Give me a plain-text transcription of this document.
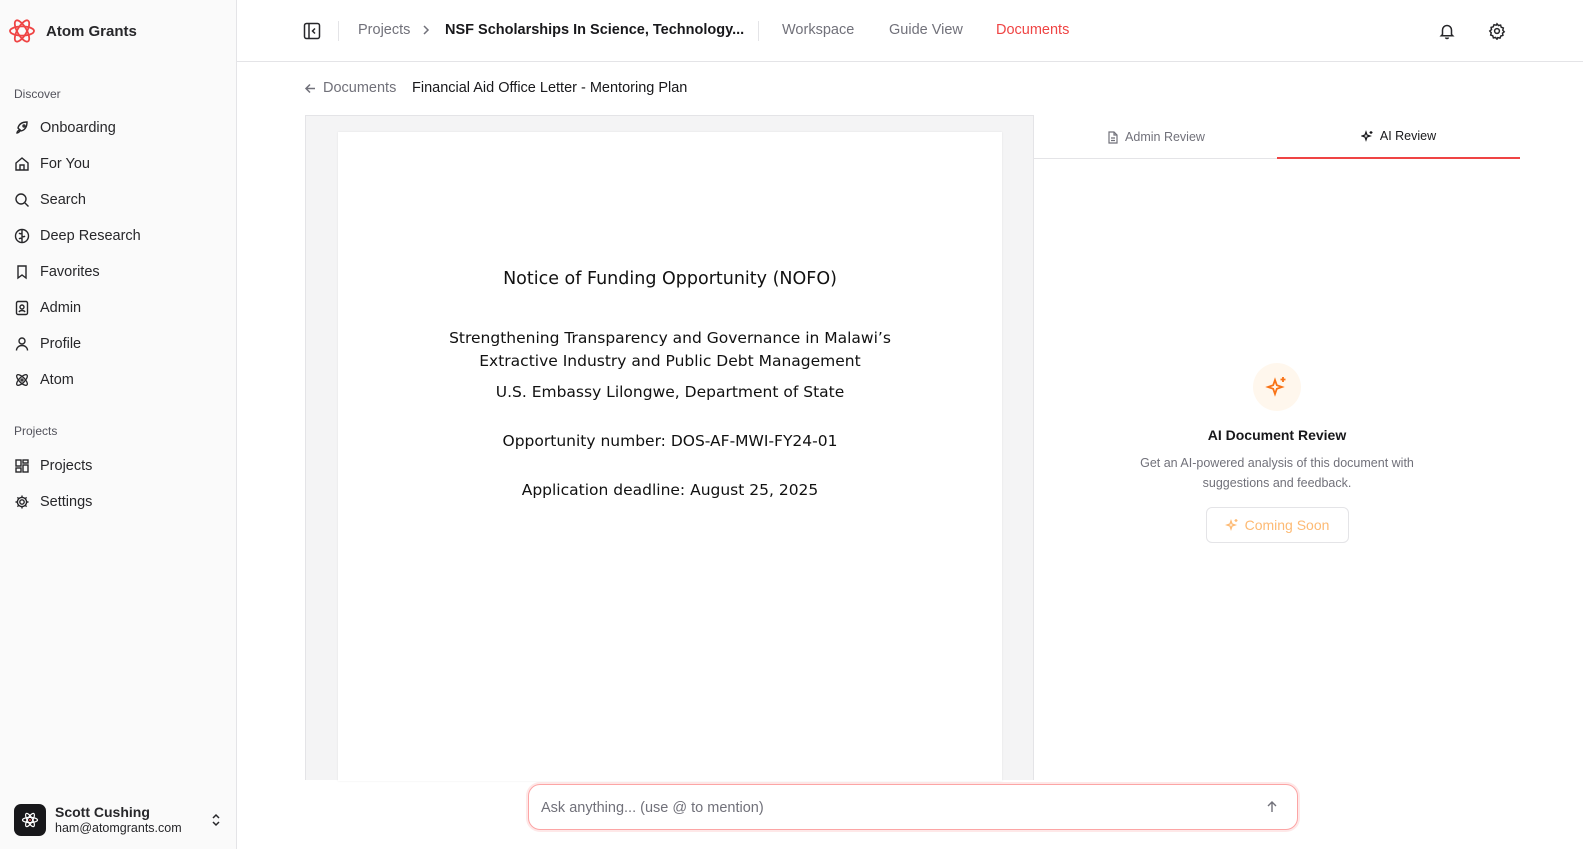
Atom Grants
Discover
Onboarding
For You
Search
Deep Research
Favorites
Admin
Profile
Atom
Projects
Projects
Settings
Scott Cushing
ham@atomgrants.com
Projects NSF Scholarships In Science, Technology...	Workspace Guide View Documents
Documents Financial Aid Office Letter - Mentoring Plan
Notice of Funding Opportunity (NOFO)
Strengthening Transparency and Governance in Malawi’s Extractive Industry and Public Debt Management
U.S. Embassy Lilongwe, Department of State
Opportunity number: DOS-AF-MWI-FY24-01
Application deadline: August 25, 2025
Admin Review	AI Review
AI Document Review
Get an AI-powered analysis of this document with suggestions and feedback.
Coming Soon
Ask anything... (use @ to mention)
